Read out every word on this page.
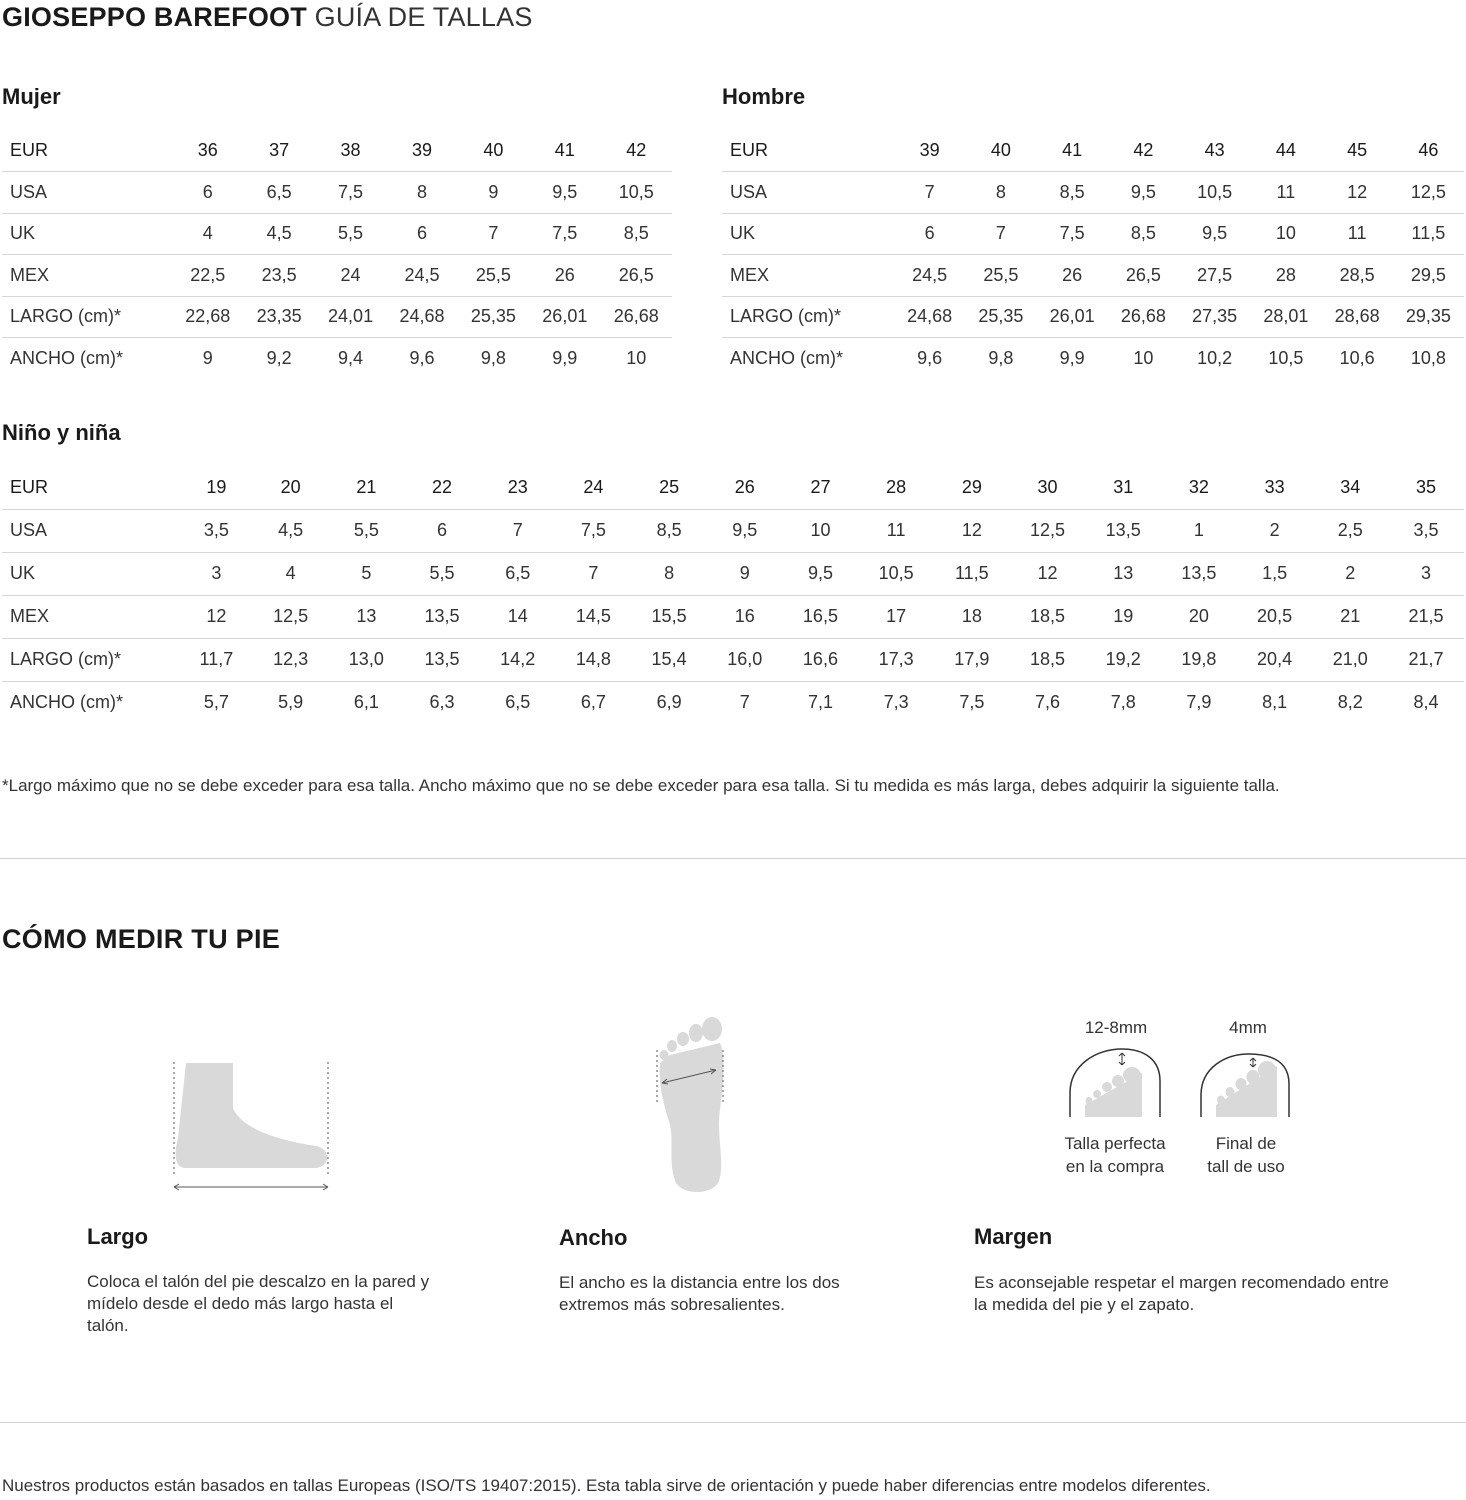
GIOSEPPO BAREFOOT GUÍA DE TALLAS
Mujer
EUR	36	37	38	39	40	41	42
USA	6	6,5	7,5	8	9	9,5	10,5
UK	4	4,5	5,5	6	7	7,5	8,5
MEX	22,5	23,5	24	24,5	25,5	26	26,5
LARGO (cm)*	22,68	23,35	24,01	24,68	25,35	26,01	26,68
ANCHO (cm)*	9	9,2	9,4	9,6	9,8	9,9	10
Hombre
EUR	39	40	41	42	43	44	45	46
USA	7	8	8,5	9,5	10,5	11	12	12,5
UK	6	7	7,5	8,5	9,5	10	11	11,5
MEX	24,5	25,5	26	26,5	27,5	28	28,5	29,5
LARGO (cm)*	24,68	25,35	26,01	26,68	27,35	28,01	28,68	29,35
ANCHO (cm)*	9,6	9,8	9,9	10	10,2	10,5	10,6	10,8
Niño y niña
EUR	19	20	21	22	23	24	25	26	27	28	29	30	31	32	33	34	35
USA	3,5	4,5	5,5	6	7	7,5	8,5	9,5	10	11	12	12,5	13,5	1	2	2,5	3,5
UK	3	4	5	5,5	6,5	7	8	9	9,5	10,5	11,5	12	13	13,5	1,5	2	3
MEX	12	12,5	13	13,5	14	14,5	15,5	16	16,5	17	18	18,5	19	20	20,5	21	21,5
LARGO (cm)*	11,7	12,3	13,0	13,5	14,2	14,8	15,4	16,0	16,6	17,3	17,9	18,5	19,2	19,8	20,4	21,0	21,7
ANCHO (cm)*	5,7	5,9	6,1	6,3	6,5	6,7	6,9	7	7,1	7,3	7,5	7,6	7,8	7,9	8,1	8,2	8,4
*Largo máximo que no se debe exceder para esa talla. Ancho máximo que no se debe exceder para esa talla. Si tu medida es más larga, debes adquirir la siguiente talla.
CÓMO MEDIR TU PIE
12-8mm	4mm
Talla perfecta
en la compra
Final de
tall de uso
Largo
Coloca el talón del pie descalzo en la pared y mídelo desde el dedo más largo hasta el talón.
Ancho
El ancho es la distancia entre los dos extremos más sobresalientes.
Margen
Es aconsejable respetar el margen recomendado entre la medida del pie y el zapato.
Nuestros productos están basados en tallas Europeas (ISO/TS 19407:2015). Esta tabla sirve de orientación y puede haber diferencias entre modelos diferentes.
